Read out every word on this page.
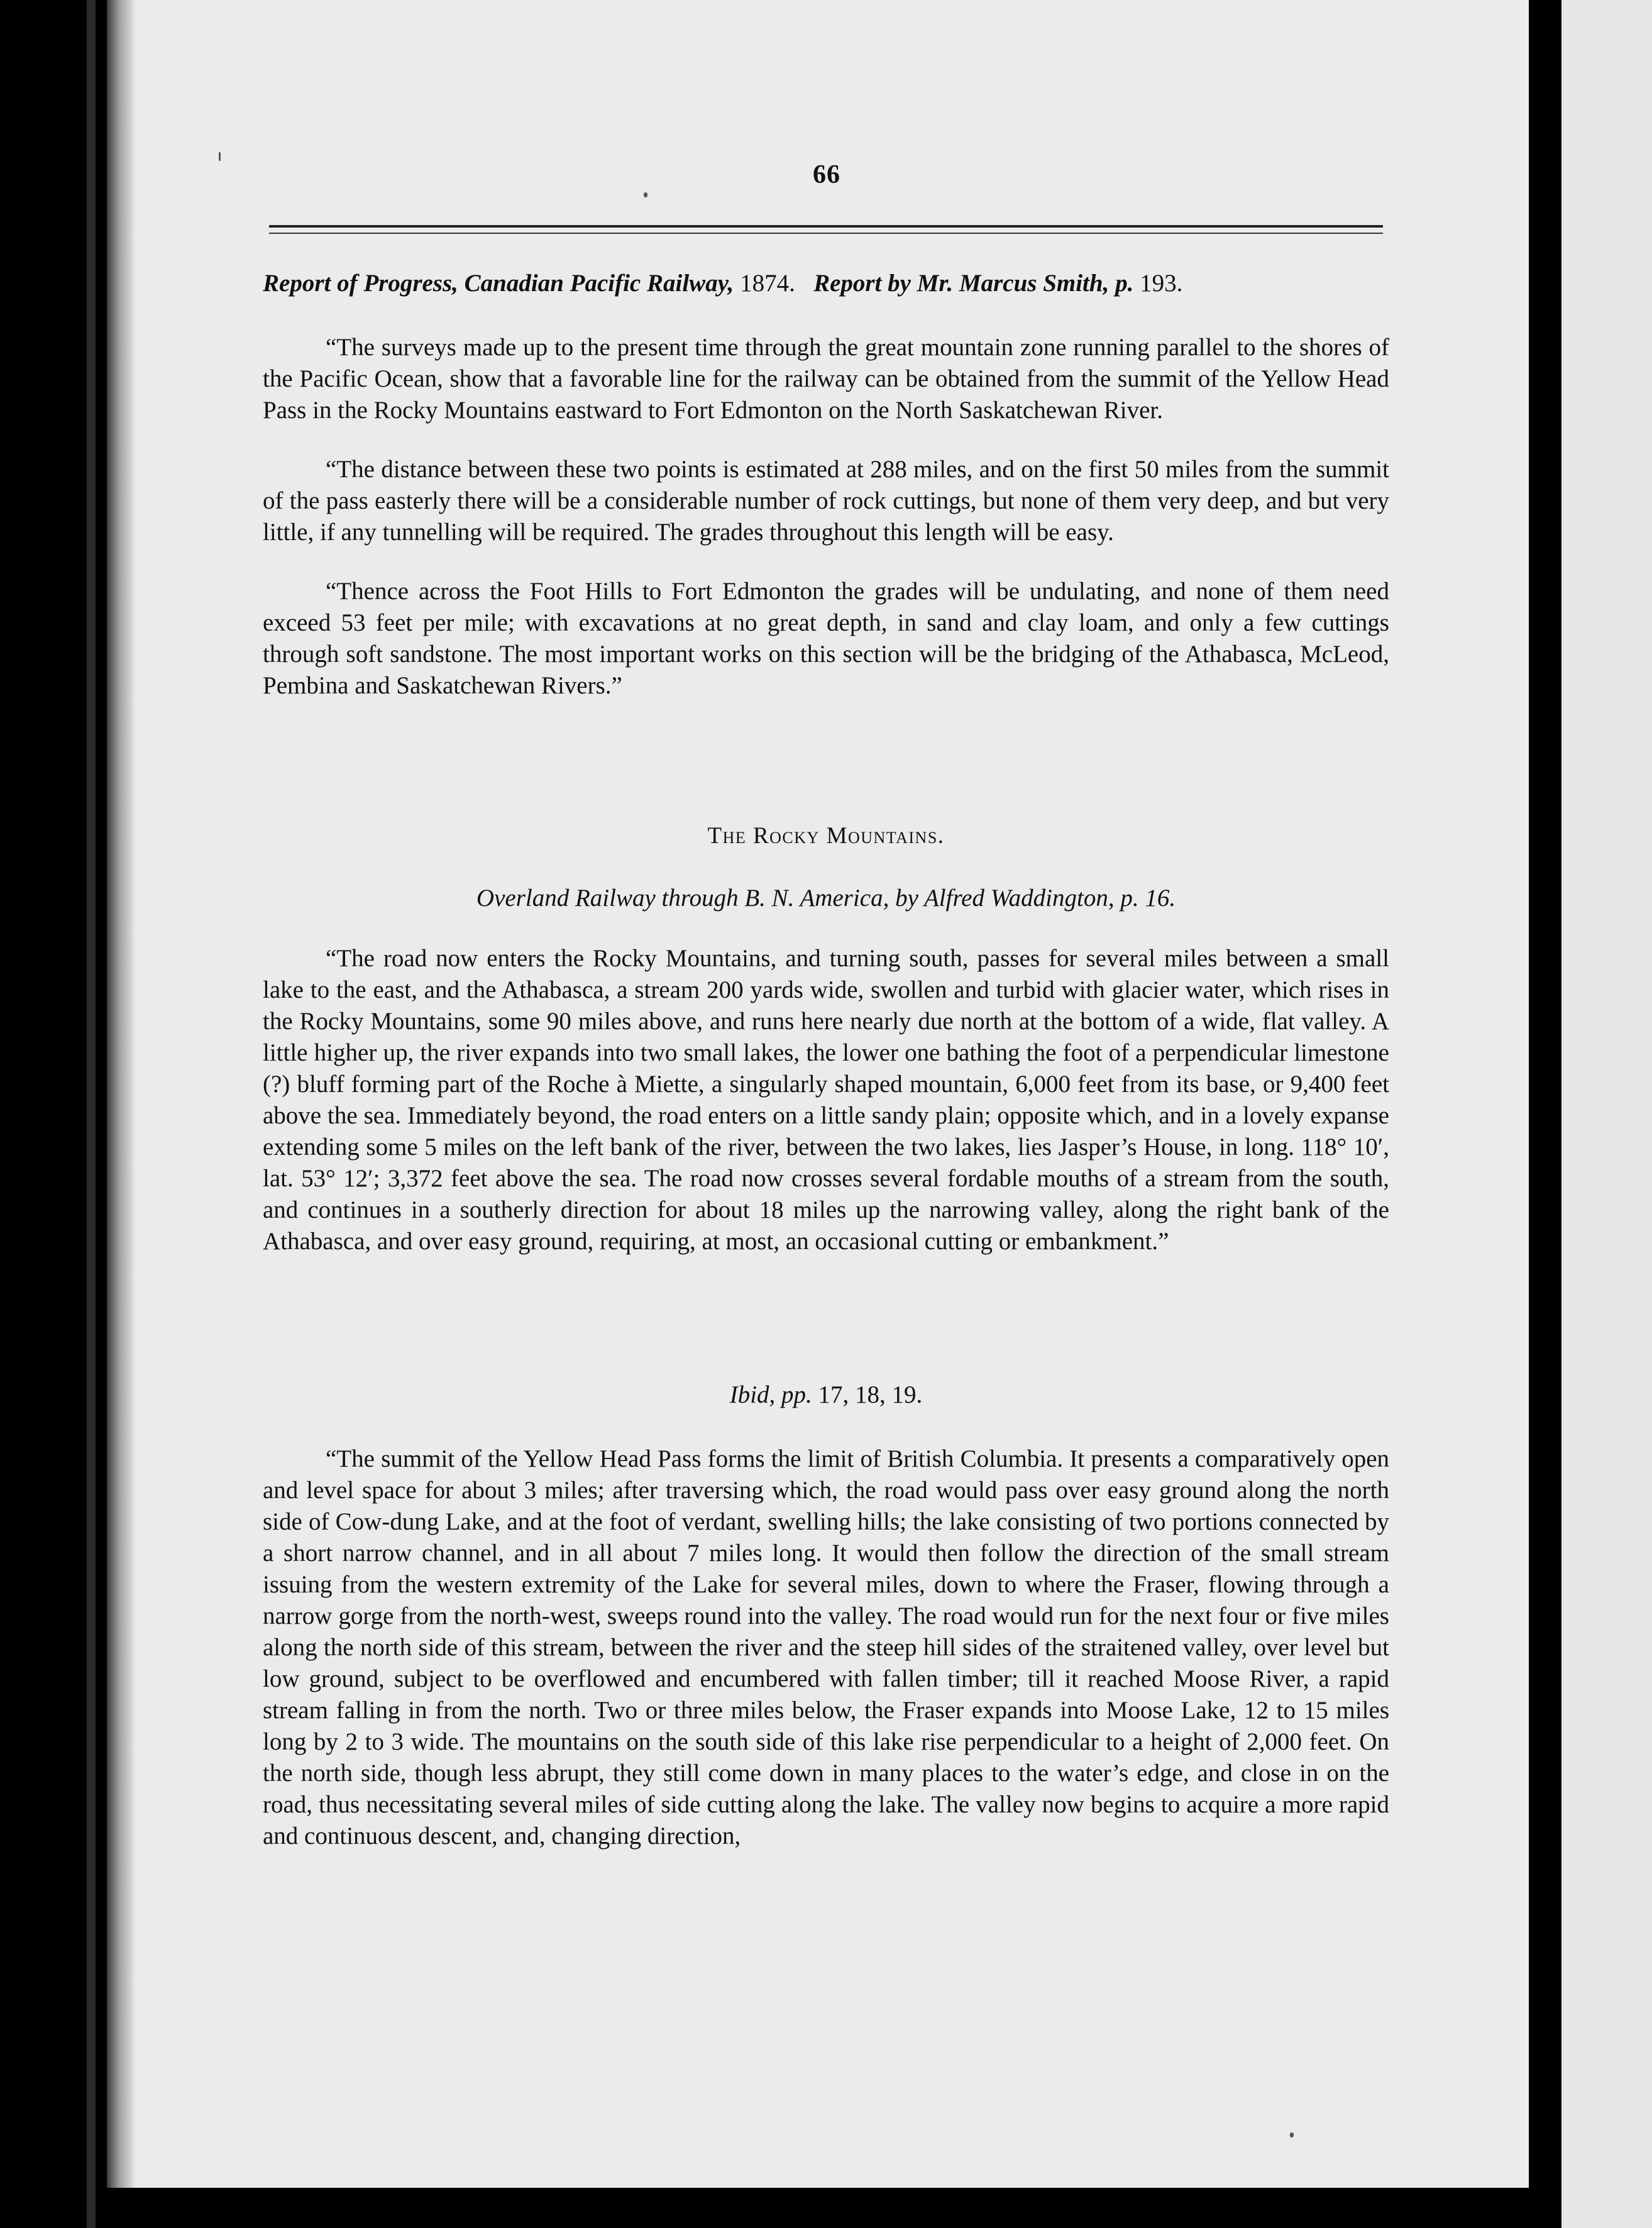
66
Report of Progress, Canadian Pacific Railway, 1874. Report by Mr. Marcus Smith, p. 193.

“The surveys made up to the present time through the great mountain zone running parallel to the shores of the Pacific Ocean, show that a favorable line for the railway can be obtained from the summit of the Yellow Head Pass in the Rocky Mountains eastward to Fort Edmonton on the North Saskatchewan River.

“The distance between these two points is estimated at 288 miles, and on the first 50 miles from the summit of the pass easterly there will be a considerable number of rock cuttings, but none of them very deep, and but very little, if any tunnelling will be required. The grades throughout this length will be easy.

“Thence across the Foot Hills to Fort Edmonton the grades will be undulating, and none of them need exceed 53 feet per mile; with excavations at no great depth, in sand and clay loam, and only a few cuttings through soft sandstone. The most important works on this section will be the bridging of the Athabasca, McLeod, Pembina and Saskatchewan Rivers.”

The Rocky Mountains.
Overland Railway through B. N. America, by Alfred Waddington, p. 16.

“The road now enters the Rocky Mountains, and turning south, passes for several miles between a small lake to the east, and the Athabasca, a stream 200 yards wide, swollen and turbid with glacier water, which rises in the Rocky Mountains, some 90 miles above, and runs here nearly due north at the bottom of a wide, flat valley. A little higher up, the river expands into two small lakes, the lower one bathing the foot of a perpendicular limestone (?) bluff forming part of the Roche à Miette, a singularly shaped mountain, 6,000 feet from its base, or 9,400 feet above the sea. Immediately beyond, the road enters on a little sandy plain; opposite which, and in a lovely expanse extending some 5 miles on the left bank of the river, between the two lakes, lies Jasper’s House, in long. 118° 10′, lat. 53° 12′; 3,372 feet above the sea. The road now crosses several fordable mouths of a stream from the south, and continues in a southerly direction for about 18 miles up the narrowing valley, along the right bank of the Athabasca, and over easy ground, requiring, at most, an occasional cutting or embankment.”

Ibid, pp. 17, 18, 19.

“The summit of the Yellow Head Pass forms the limit of British Columbia. It presents a comparatively open and level space for about 3 miles; after traversing which, the road would pass over easy ground along the north side of Cow-dung Lake, and at the foot of verdant, swelling hills; the lake consisting of two portions connected by a short narrow channel, and in all about 7 miles long. It would then follow the direction of the small stream issuing from the western extremity of the Lake for several miles, down to where the Fraser, flowing through a narrow gorge from the north-west, sweeps round into the valley. The road would run for the next four or five miles along the north side of this stream, between the river and the steep hill sides of the straitened valley, over level but low ground, subject to be overflowed and encumbered with fallen timber; till it reached Moose River, a rapid stream falling in from the north. Two or three miles below, the Fraser expands into Moose Lake, 12 to 15 miles long by 2 to 3 wide. The mountains on the south side of this lake rise perpendicular to a height of 2,000 feet. On the north side, though less abrupt, they still come down in many places to the water’s edge, and close in on the road, thus necessitating several miles of side cutting along the lake. The valley now begins to acquire a more rapid and continuous descent, and, changing direction,
